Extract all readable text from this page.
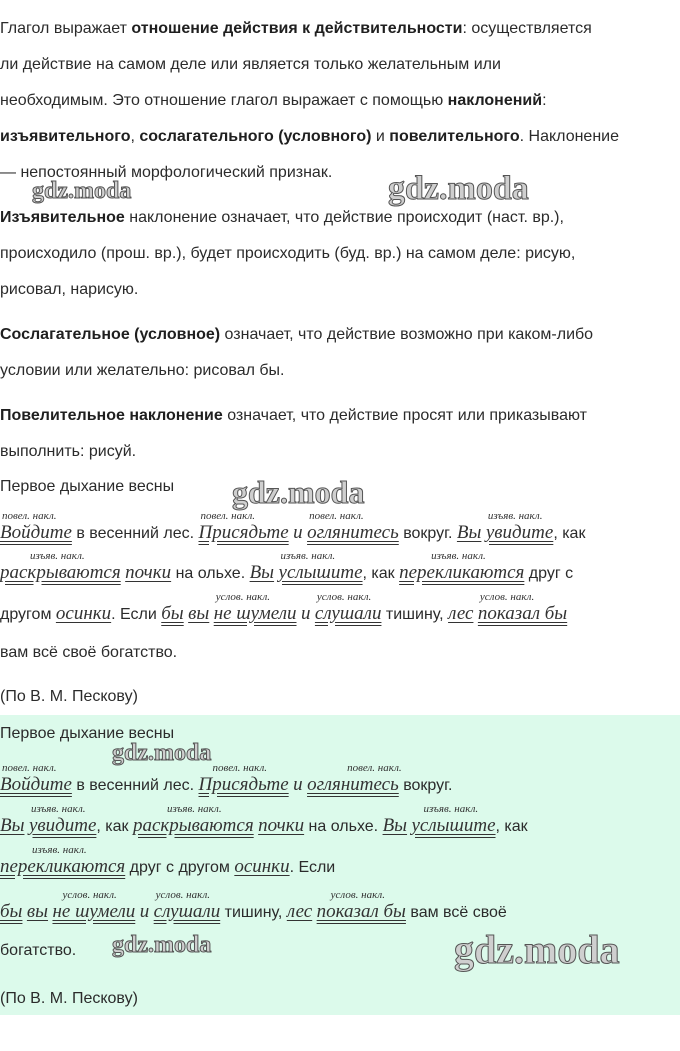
Глагол выражает отношение действия к действительности: осуществляется
ли действие на самом деле или является только желательным или
необходимым. Это отношение глагол выражает с помощью наклонений:
изъявительного, сослагательного (условного) и повелительного. Наклонение
— непостоянный морфологический признак.
Изъявительное наклонение означает, что действие происходит (наст. вр.),
происходило (прош. вр.), будет происходить (буд. вр.) на самом деле: рисую,
рисовал, нарисую.
Сослагательное (условное) означает, что действие возможно при каком-либо
условии или желательно: рисовал бы.
Повелительное наклонение означает, что действие просят или приказывают
выполнить: рисуй.
Первое дыхание весны
повел. накл.
Войдите в весенний лес.
повел. накл.
Присядьте и
повел. накл.
оглянитесь вокруг. Вы
изъяв. накл.
увидите, как
изъяв. накл.
раскрываются почки на ольхе. Вы
изъяв. накл.
услышите, как
изъяв. накл.
перекликаются друг с
другом осинки. Если бы вы
услов. накл.
не шумели и
услов. накл.
слушали тишину, лес
услов. накл.
показал бы
вам всё своё богатство.
(По В. М. Пескову)
Первое дыхание весны
повел. накл.
Войдите в весенний лес.
повел. накл.
Присядьте и
повел. накл.
оглянитесь вокруг.
Вы
изъяв. накл.
увидите, как
изъяв. накл.
раскрываются почки на ольхе. Вы
изъяв. накл.
услышите, как
изъяв. накл.
перекликаются друг с другом осинки. Если
бы вы
услов. накл.
не шумели и
услов. накл.
слушали тишину, лес
услов. накл.
показал бы вам всё своё
богатство.
(По В. М. Пескову)
gdz.moda	gdz.moda
gdz.moda
gdz.moda
gdz.moda	gdz.moda
